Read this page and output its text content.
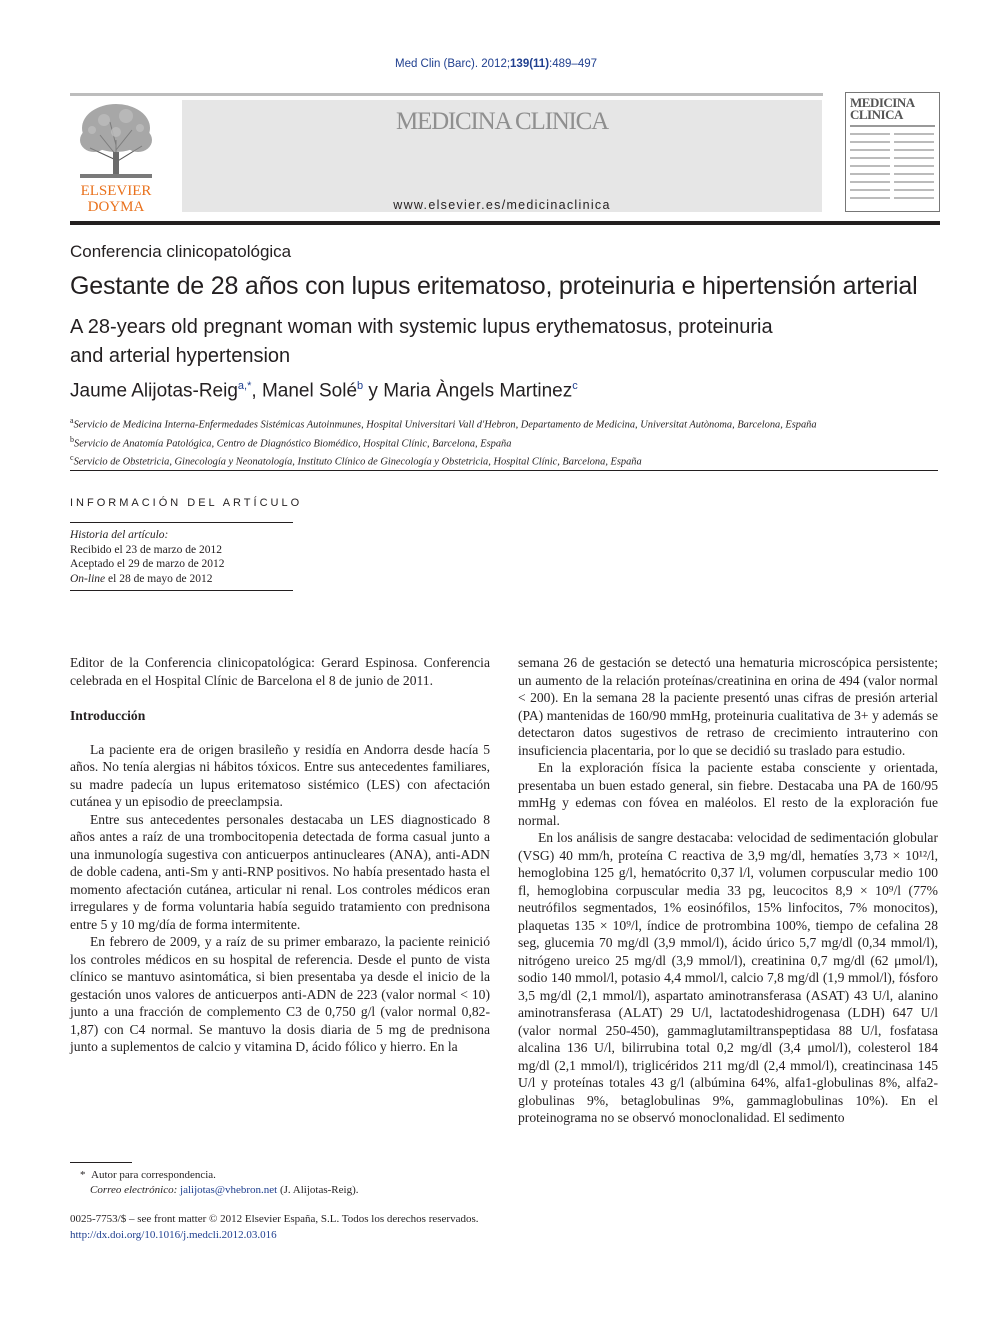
Med Clin (Barc). 2012;139(11):489–497
ELSEVIER
DOYMA
MEDICINA CLINICA
www.elsevier.es/medicinaclinica
MEDICINA
CLINICA
Conferencia clinicopatológica
Gestante de 28 años con lupus eritematoso, proteinuria e hipertensión arterial
A 28-years old pregnant woman with systemic lupus erythematosus, proteinuria
and arterial hypertension
Jaume Alijotas-Reig$^{a,*}$, Manel Solé$^b$ y Maria Àngels Martinez$^c$
$^a$Servicio de Medicina Interna-Enfermedades Sistémicas Autoinmunes, Hospital Universitari Vall d'Hebron, Departamento de Medicina, Universitat Autònoma, Barcelona, España
$^b$Servicio de Anatomía Patológica, Centro de Diagnóstico Biomédico, Hospital Clínic, Barcelona, España
$^c$Servicio de Obstetricia, Ginecología y Neonatología, Instituto Clínico de Ginecología y Obstetricia, Hospital Clínic, Barcelona, España
INFORMACIÓN DEL ARTÍCULO
Historia del artículo:
Recibido el 23 de marzo de 2012
Aceptado el 29 de marzo de 2012
On-line el 28 de mayo de 2012

Editor de la Conferencia clinicopatológica: Gerard Espinosa. Conferencia celebrada en el Hospital Clínic de Barcelona el 8 de junio de 2011.

Introducción

La paciente era de origen brasileño y residía en Andorra desde hacía 5 años. No tenía alergias ni hábitos tóxicos. Entre sus antecedentes familiares, su madre padecía un lupus eritematoso sistémico (LES) con afectación cutánea y un episodio de preeclampsia.

Entre sus antecedentes personales destacaba un LES diagnosticado 8 años antes a raíz de una trombocitopenia detectada de forma casual junto a una inmunología sugestiva con anticuerpos antinucleares (ANA), anti-ADN de doble cadena, anti-Sm y anti-RNP positivos. No había presentado hasta el momento afectación cutánea, articular ni renal. Los controles médicos eran irregulares y de forma voluntaria había seguido tratamiento con prednisona entre 5 y 10 mg/día de forma intermitente.

En febrero de 2009, y a raíz de su primer embarazo, la paciente reinició los controles médicos en su hospital de referencia. Desde el punto de vista clínico se mantuvo asintomática, si bien presentaba ya desde el inicio de la gestación unos valores de anticuerpos anti-ADN de 223 (valor normal < 10) junto a una fracción de complemento C3 de 0,750 g/l (valor normal 0,82-1,87) con C4 normal. Se mantuvo la dosis diaria de 5 mg de prednisona junto a suplementos de calcio y vitamina D, ácido fólico y hierro. En la

semana 26 de gestación se detectó una hematuria microscópica persistente; un aumento de la relación proteínas/creatinina en orina de 494 (valor normal < 200). En la semana 28 la paciente presentó unas cifras de presión arterial (PA) mantenidas de 160/90 mmHg, proteinuria cualitativa de 3+ y además se detectaron datos sugestivos de retraso de crecimiento intrauterino con insuficiencia placentaria, por lo que se decidió su traslado para estudio.

En la exploración física la paciente estaba consciente y orientada, presentaba un buen estado general, sin fiebre. Destacaba una PA de 160/95 mmHg y edemas con fóvea en maléolos. El resto de la exploración fue normal.

En los análisis de sangre destacaba: velocidad de sedimentación globular (VSG) 40 mm/h, proteína C reactiva de 3,9 mg/dl, hematíes 3,73 × 10¹²/l, hemoglobina 125 g/l, hematócrito 0,37 l/l, volumen corpuscular medio 100 fl, hemoglobina corpuscular media 33 pg, leucocitos 8,9 × 10⁹/l (77% neutrófilos segmentados, 1% eosinófilos, 15% linfocitos, 7% monocitos), plaquetas 135 × 10⁹/l, índice de protrombina 100%, tiempo de cefalina 28 seg, glucemia 70 mg/dl (3,9 mmol/l), ácido úrico 5,7 mg/dl (0,34 mmol/l), nitrógeno ureico 25 mg/dl (3,9 mmol/l), creatinina 0,7 mg/dl (62 μmol/l), sodio 140 mmol/l, potasio 4,4 mmol/l, calcio 7,8 mg/dl (1,9 mmol/l), fósforo 3,5 mg/dl (2,1 mmol/l), aspartato aminotransferasa (ASAT) 43 U/l, alanino aminotransferasa (ALAT) 29 U/l, lactatodeshidrogenasa (LDH) 647 U/l (valor normal 250-450), gammaglutamiltranspeptidasa 88 U/l, fosfatasa alcalina 136 U/l, bilirrubina total 0,2 mg/dl (3,4 μmol/l), colesterol 184 mg/dl (2,1 mmol/l), triglicéridos 211 mg/dl (2,4 mmol/l), creatincinasa 145 U/l y proteínas totales 43 g/l (albúmina 64%, alfa1-globulinas 8%, alfa2-globulinas 9%, betaglobulinas 9%, gammaglobulinas 10%). En el proteinograma no se observó monoclonalidad. El sedimento

* Autor para correspondencia.
Correo electrónico: jalijotas@vhebron.net (J. Alijotas-Reig).
0025-7753/$ – see front matter © 2012 Elsevier España, S.L. Todos los derechos reservados.
http://dx.doi.org/10.1016/j.medcli.2012.03.016
